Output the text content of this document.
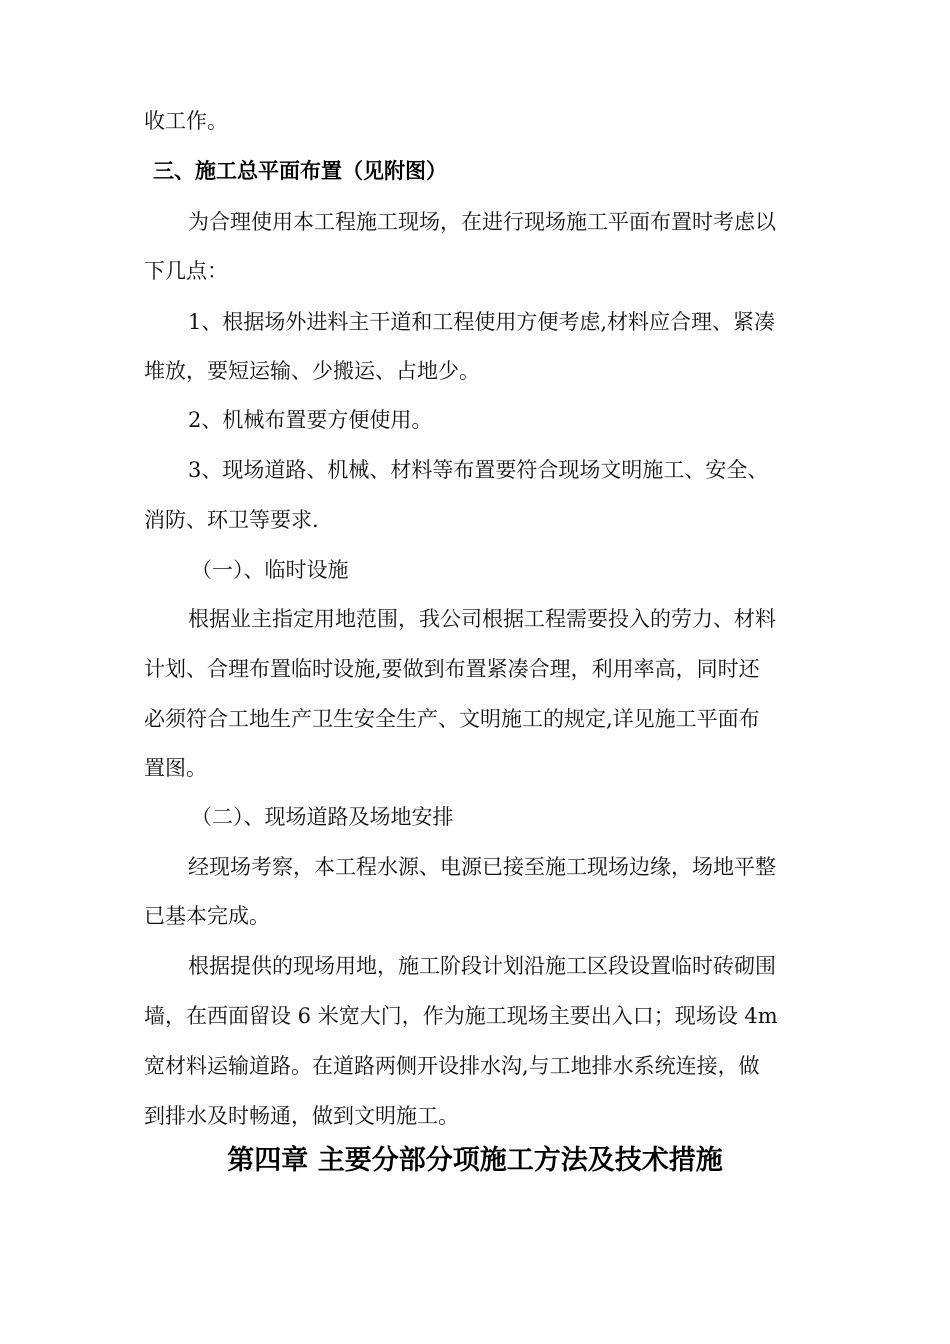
收工作。
三、施工总平面布置（见附图）
为合理使用本工程施工现场，在进行现场施工平面布置时考虑以
下几点：
1、根据场外进料主干道和工程使用方便考虑,材料应合理、紧凑
堆放，要短运输、少搬运、占地少。
2、机械布置要方便使用。
3、现场道路、机械、材料等布置要符合现场文明施工、安全、
消防、环卫等要求.
（一）、临时设施
根据业主指定用地范围，我公司根据工程需要投入的劳力、材料
计划、合理布置临时设施,要做到布置紧凑合理，利用率高，同时还
必须符合工地生产卫生安全生产、文明施工的规定,详见施工平面布
置图。
（二）、现场道路及场地安排
经现场考察，本工程水源、电源已接至施工现场边缘，场地平整
已基本完成。
根据提供的现场用地，施工阶段计划沿施工区段设置临时砖砌围
墙，在西面留设 6 米宽大门，作为施工现场主要出入口；现场设 4m
宽材料运输道路。在道路两侧开设排水沟,与工地排水系统连接，做
到排水及时畅通，做到文明施工。
第四章 主要分部分项施工方法及技术措施
